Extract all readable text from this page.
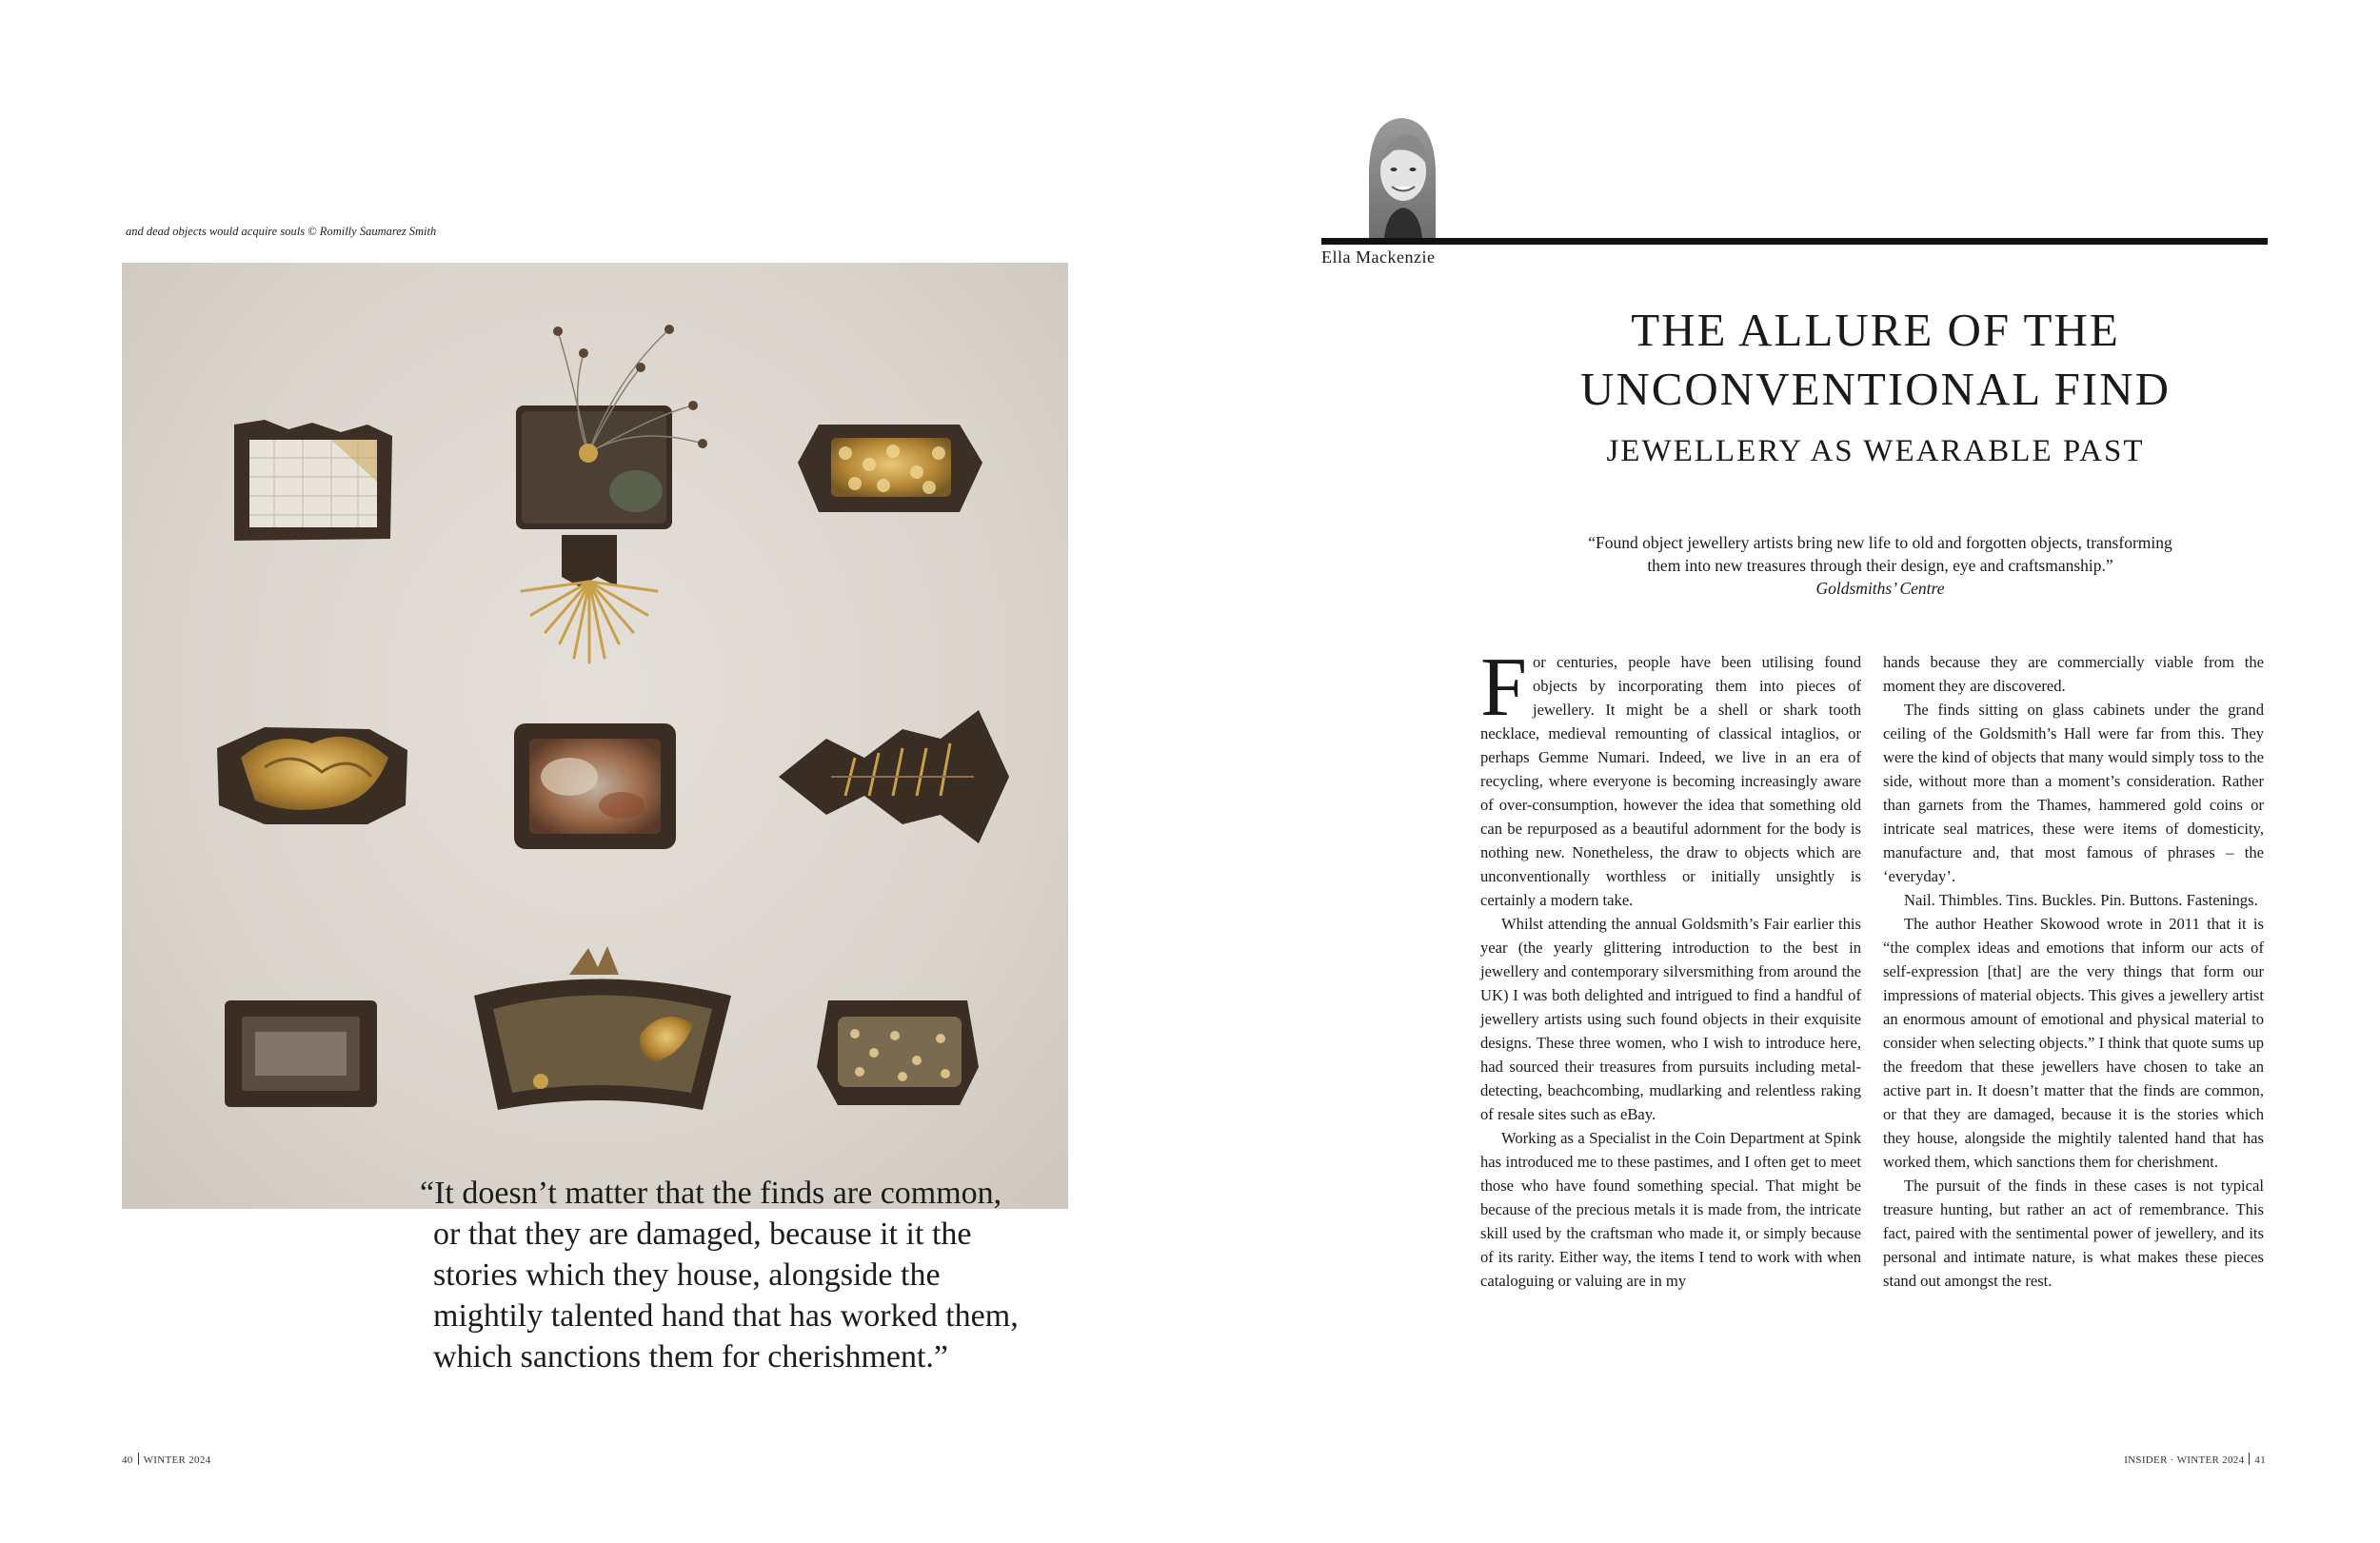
and dead objects would acquire souls © Romilly Saumarez Smith
“It doesn’t matter that the finds are common,
or that they are damaged, because it it the
stories which they house, alongside the
mightily talented hand that has worked them,
which sanctions them for cherishment.”
40 WINTER 2024
Ella Mackenzie
THE ALLURE OF THE
UNCONVENTIONAL FIND
JEWELLERY AS WEARABLE PAST
“Found object jewellery artists bring new life to old and forgotten objects, transforming
them into new treasures through their design, eye and craftsmanship.”
Goldsmiths’ Centre

For centuries, people have been utilising found objects by incorporating them into pieces of jewellery. It might be a shell or shark tooth necklace, medieval remounting of classical intaglios, or perhaps Gemme Numari. Indeed, we live in an era of recycling, where everyone is becoming increasingly aware of over-consumption, however the idea that something old can be repurposed as a beautiful adornment for the body is nothing new. Nonetheless, the draw to objects which are unconventionally worthless or initially unsightly is certainly a modern take.

Whilst attending the annual Goldsmith’s Fair earlier this year (the yearly glittering introduction to the best in jewellery and contemporary silversmithing from around the UK) I was both delighted and intrigued to find a handful of jewellery artists using such found objects in their exquisite designs. These three women, who I wish to introduce here, had sourced their treasures from pursuits including metal-detecting, beachcombing, mudlarking and relentless raking of resale sites such as eBay.

Working as a Specialist in the Coin Department at Spink has introduced me to these pastimes, and I often get to meet those who have found something special. That might be because of the precious metals it is made from, the intricate skill used by the craftsman who made it, or simply because of its rarity. Either way, the items I tend to work with when cataloguing or valuing are in my

hands because they are commercially viable from the moment they are discovered.

The finds sitting on glass cabinets under the grand ceiling of the Goldsmith’s Hall were far from this. They were the kind of objects that many would simply toss to the side, without more than a moment’s consideration. Rather than garnets from the Thames, hammered gold coins or intricate seal matrices, these were items of domesticity, manufacture and, that most famous of phrases – the ‘everyday’.

Nail. Thimbles. Tins. Buckles. Pin. Buttons. Fastenings.

The author Heather Skowood wrote in 2011 that it is “the complex ideas and emotions that inform our acts of self-expression [that] are the very things that form our impressions of material objects. This gives a jewellery artist an enormous amount of emotional and physical material to consider when selecting objects.” I think that quote sums up the freedom that these jewellers have chosen to take an active part in. It doesn’t matter that the finds are common, or that they are damaged, because it is the stories which they house, alongside the mightily talented hand that has worked them, which sanctions them for cherishment.

The pursuit of the finds in these cases is not typical treasure hunting, but rather an act of remembrance. This fact, paired with the sentimental power of jewellery, and its personal and intimate nature, is what makes these pieces stand out amongst the rest.

INSIDER · WINTER 2024 41
